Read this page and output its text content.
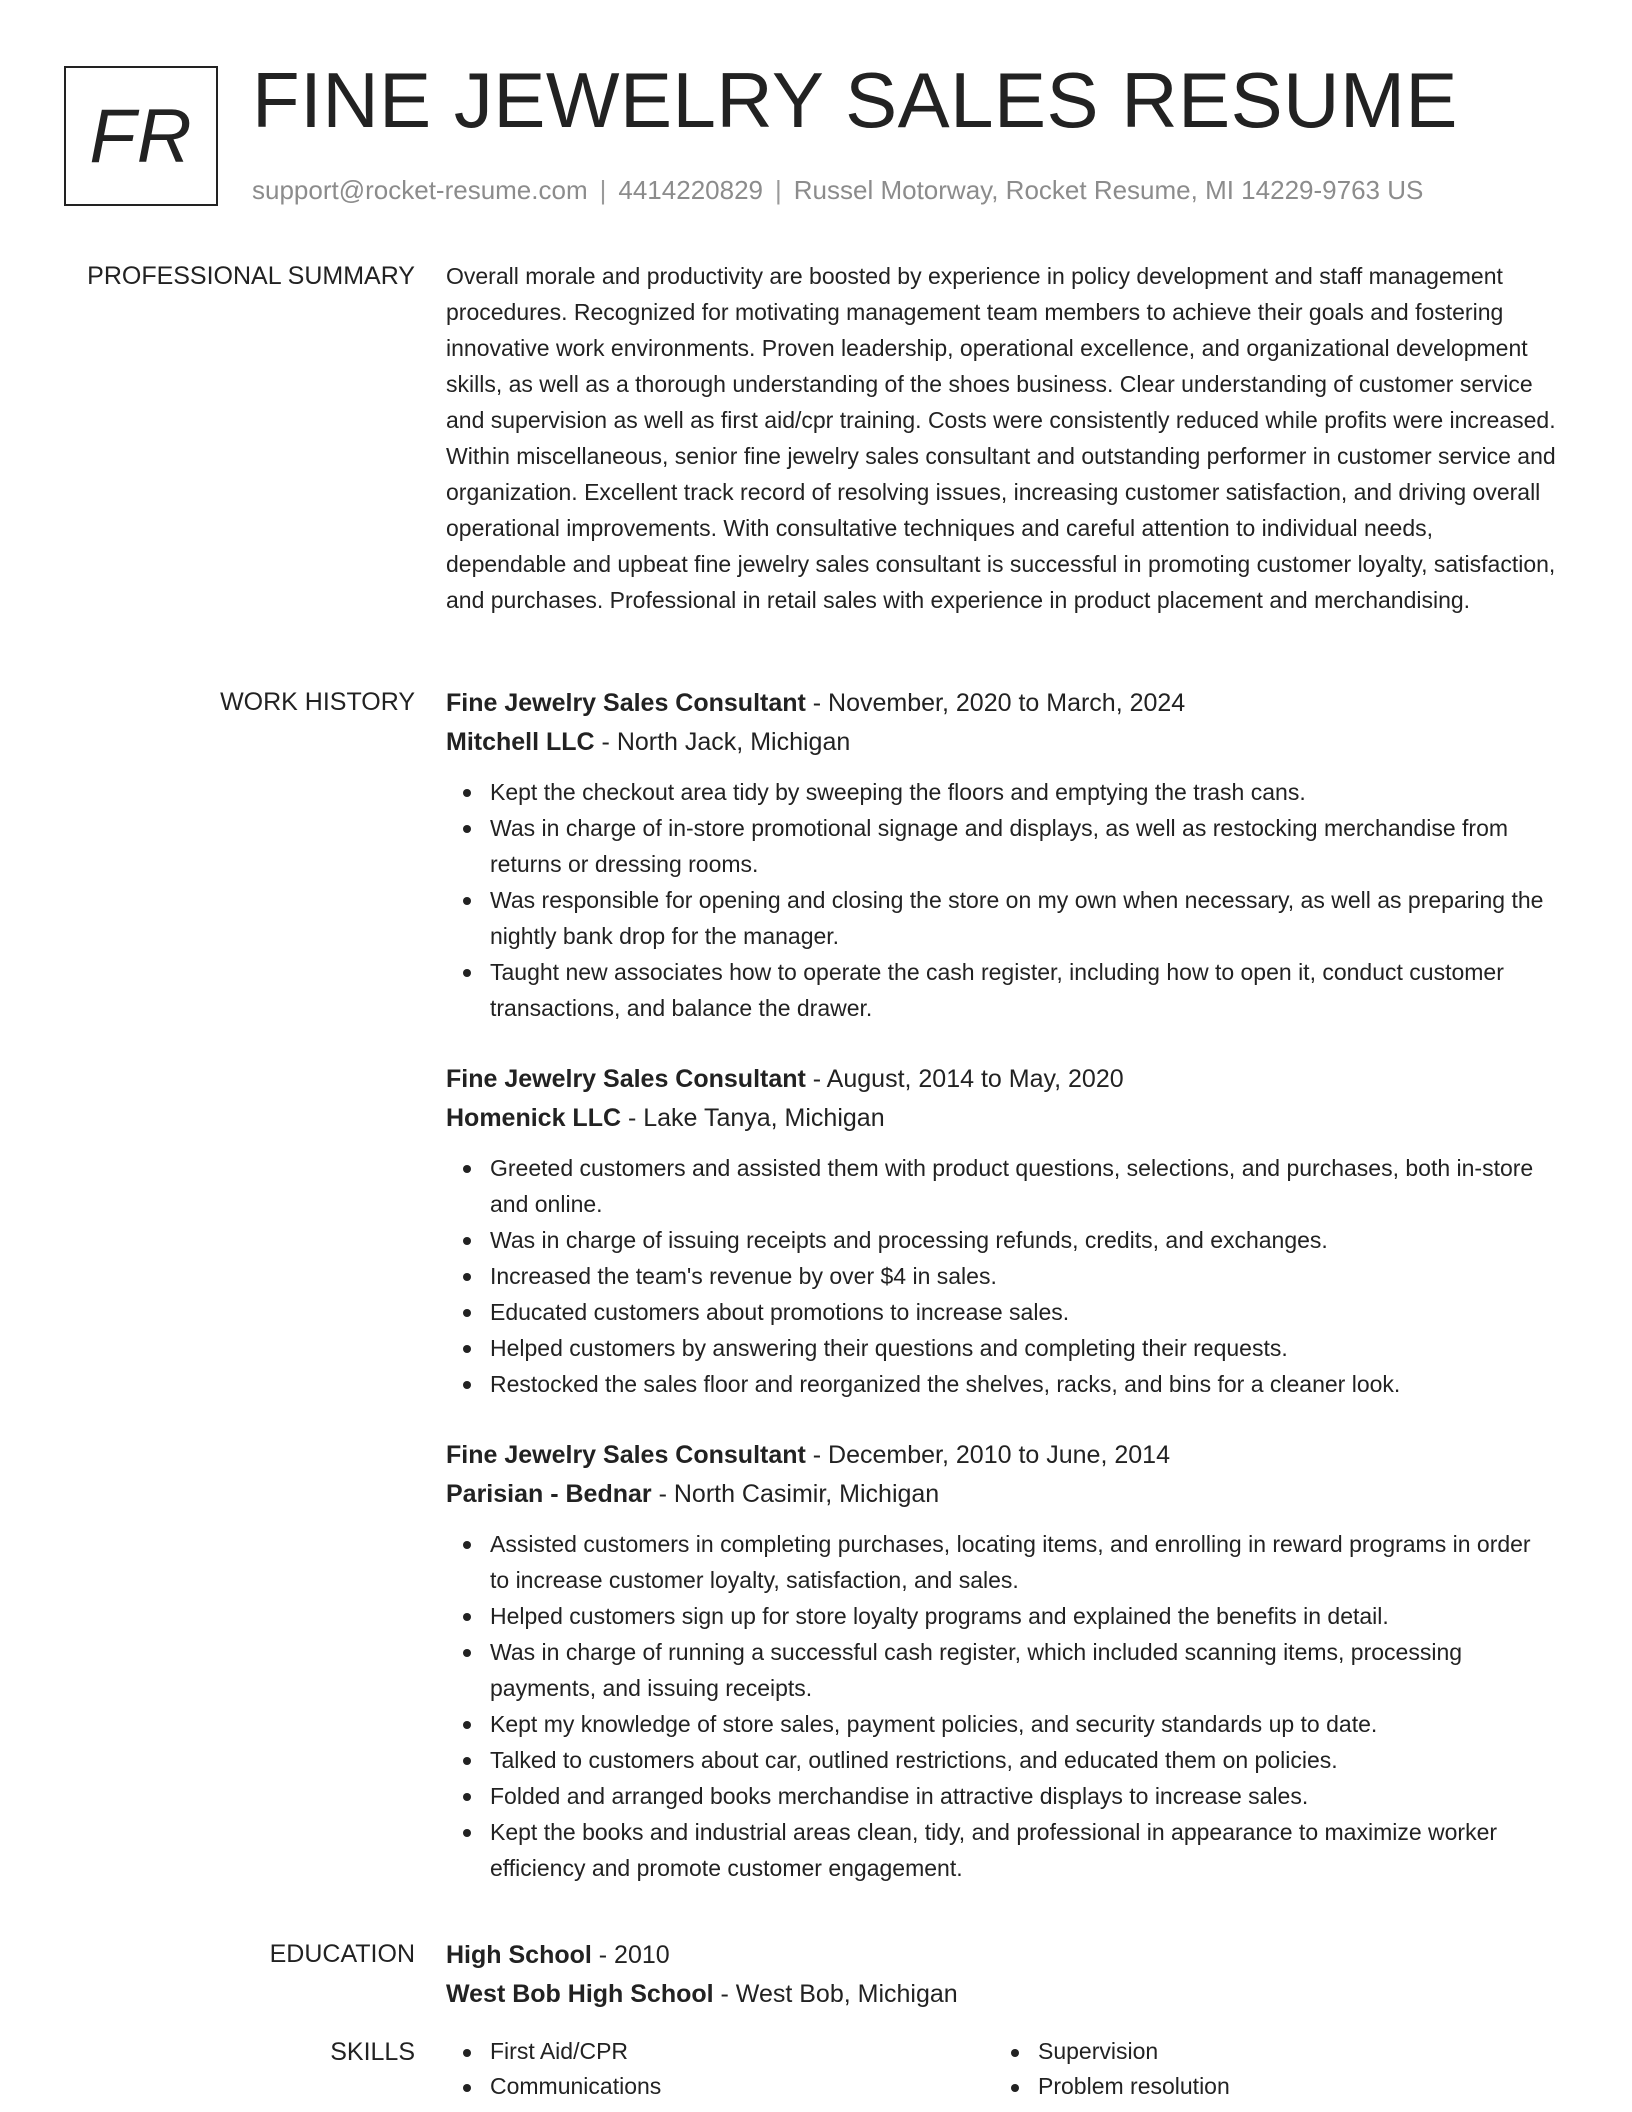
FR FINE JEWELRY SALES RESUME
support@rocket-resume.com | 4414220829 | Russel Motorway, Rocket Resume, MI 14229-9763 US
PROFESSIONAL SUMMARY Overall morale and productivity are boosted by experience in policy development and staff management procedures. Recognized for motivating management team members to achieve their goals and fostering innovative work environments. Proven leadership, operational excellence, and organizational development skills, as well as a thorough understanding of the shoes business. Clear understanding of customer service and supervision as well as first aid/cpr training. Costs were consistently reduced while profits were increased. Within miscellaneous, senior fine jewelry sales consultant and outstanding performer in customer service and organization. Excellent track record of resolving issues, increasing customer satisfaction, and driving overall operational improvements. With consultative techniques and careful attention to individual needs, dependable and upbeat fine jewelry sales consultant is successful in promoting customer loyalty, satisfaction, and purchases. Professional in retail sales with experience in product placement and merchandising.

WORK HISTORY Fine Jewelry Sales Consultant - November, 2020 to March, 2024
Mitchell LLC - North Jack, Michigan
Kept the checkout area tidy by sweeping the floors and emptying the trash cans.
Was in charge of in-store promotional signage and displays, as well as restocking merchandise from returns or dressing rooms.
Was responsible for opening and closing the store on my own when necessary, as well as preparing the nightly bank drop for the manager.
Taught new associates how to operate the cash register, including how to open it, conduct customer transactions, and balance the drawer.
Fine Jewelry Sales Consultant - August, 2014 to May, 2020
Homenick LLC - Lake Tanya, Michigan
Greeted customers and assisted them with product questions, selections, and purchases, both in-store and online.
Was in charge of issuing receipts and processing refunds, credits, and exchanges.
Increased the team's revenue by over $4 in sales.
Educated customers about promotions to increase sales.
Helped customers by answering their questions and completing their requests.
Restocked the sales floor and reorganized the shelves, racks, and bins for a cleaner look.
Fine Jewelry Sales Consultant - December, 2010 to June, 2014
Parisian - Bednar - North Casimir, Michigan
Assisted customers in completing purchases, locating items, and enrolling in reward programs in order to increase customer loyalty, satisfaction, and sales.
Helped customers sign up for store loyalty programs and explained the benefits in detail.
Was in charge of running a successful cash register, which included scanning items, processing payments, and issuing receipts.
Kept my knowledge of store sales, payment policies, and security standards up to date.
Talked to customers about car, outlined restrictions, and educated them on policies.
Folded and arranged books merchandise in attractive displays to increase sales.
Kept the books and industrial areas clean, tidy, and professional in appearance to maximize worker efficiency and promote customer engagement.
EDUCATION High School - 2010
West Bob High School - West Bob, Michigan
SKILLS	First Aid/CPR	Supervision
Communications	Problem resolution
